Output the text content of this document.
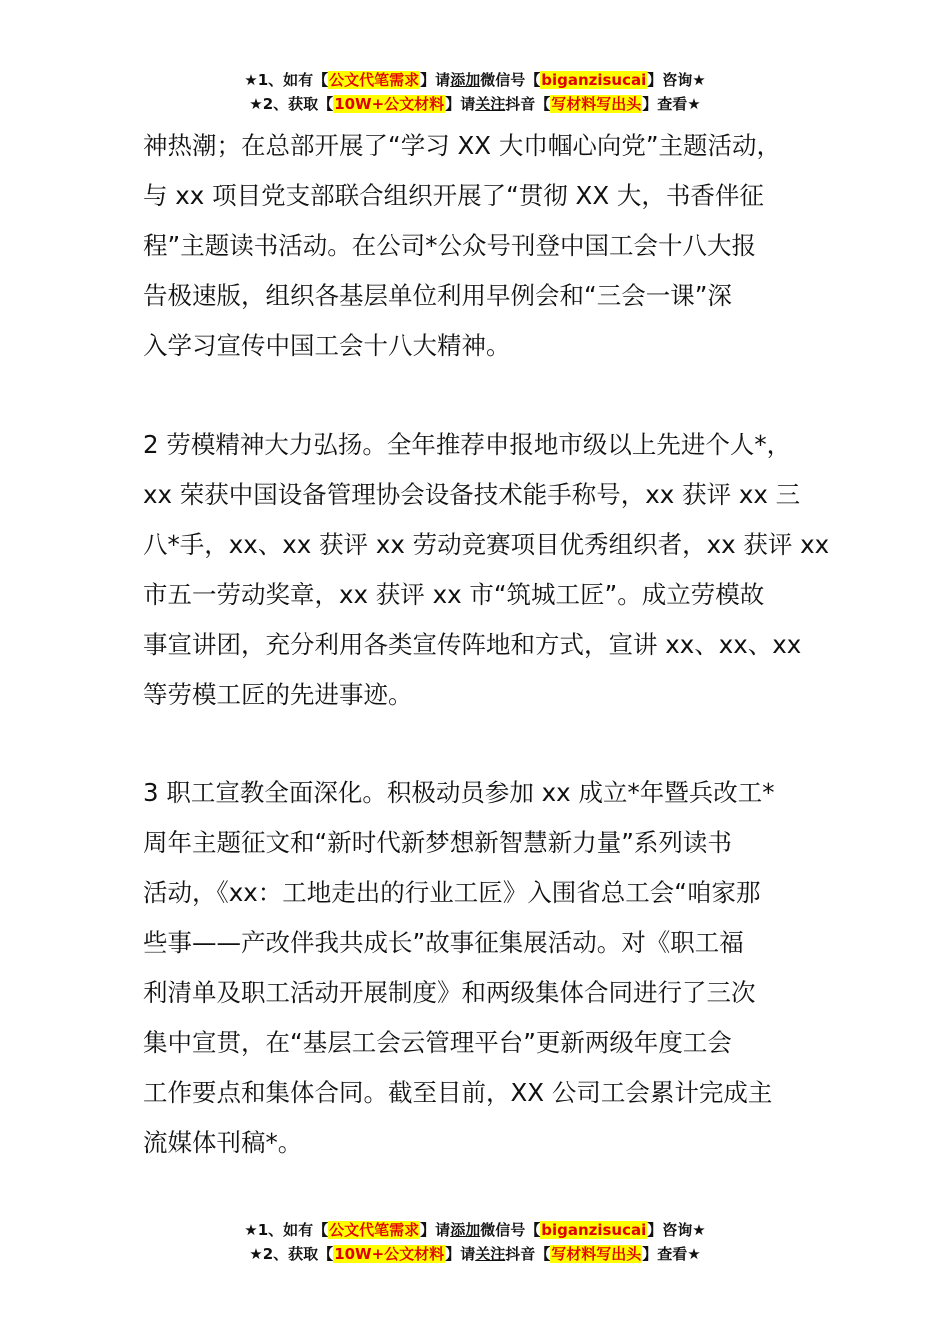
★1、如有【公文代笔需求】请添加微信号【biganzisucai】咨询★
★2、获取【10W+公文材料】请关注抖音【写材料写出头】查看★
神热潮；在总部开展了“学习 XX 大巾帼心向党”主题活动，
与 xx 项目党支部联合组织开展了“贯彻 XX 大，书香伴征
程”主题读书活动。在公司*公众号刊登中国工会十八大报
告极速版，组织各基层单位利用早例会和“三会一课”深
入学习宣传中国工会十八大精神。
2 劳模精神大力弘扬。全年推荐申报地市级以上先进个人*，
xx 荣获中国设备管理协会设备技术能手称号，xx 获评 xx 三
八*手，xx、xx 获评 xx 劳动竞赛项目优秀组织者，xx 获评 xx
市五一劳动奖章，xx 获评 xx 市“筑城工匠”。成立劳模故
事宣讲团，充分利用各类宣传阵地和方式，宣讲 xx、xx、xx
等劳模工匠的先进事迹。
3 职工宣教全面深化。积极动员参加 xx 成立*年暨兵改工*
周年主题征文和“新时代新梦想新智慧新力量”系列读书
活动，《xx：工地走出的行业工匠》入围省总工会“咱家那
些事——产改伴我共成长”故事征集展活动。对《职工福
利清单及职工活动开展制度》和两级集体合同进行了三次
集中宣贯，在“基层工会云管理平台”更新两级年度工会
工作要点和集体合同。截至目前，XX 公司工会累计完成主
流媒体刊稿*。
★1、如有【公文代笔需求】请添加微信号【biganzisucai】咨询★
★2、获取【10W+公文材料】请关注抖音【写材料写出头】查看★
